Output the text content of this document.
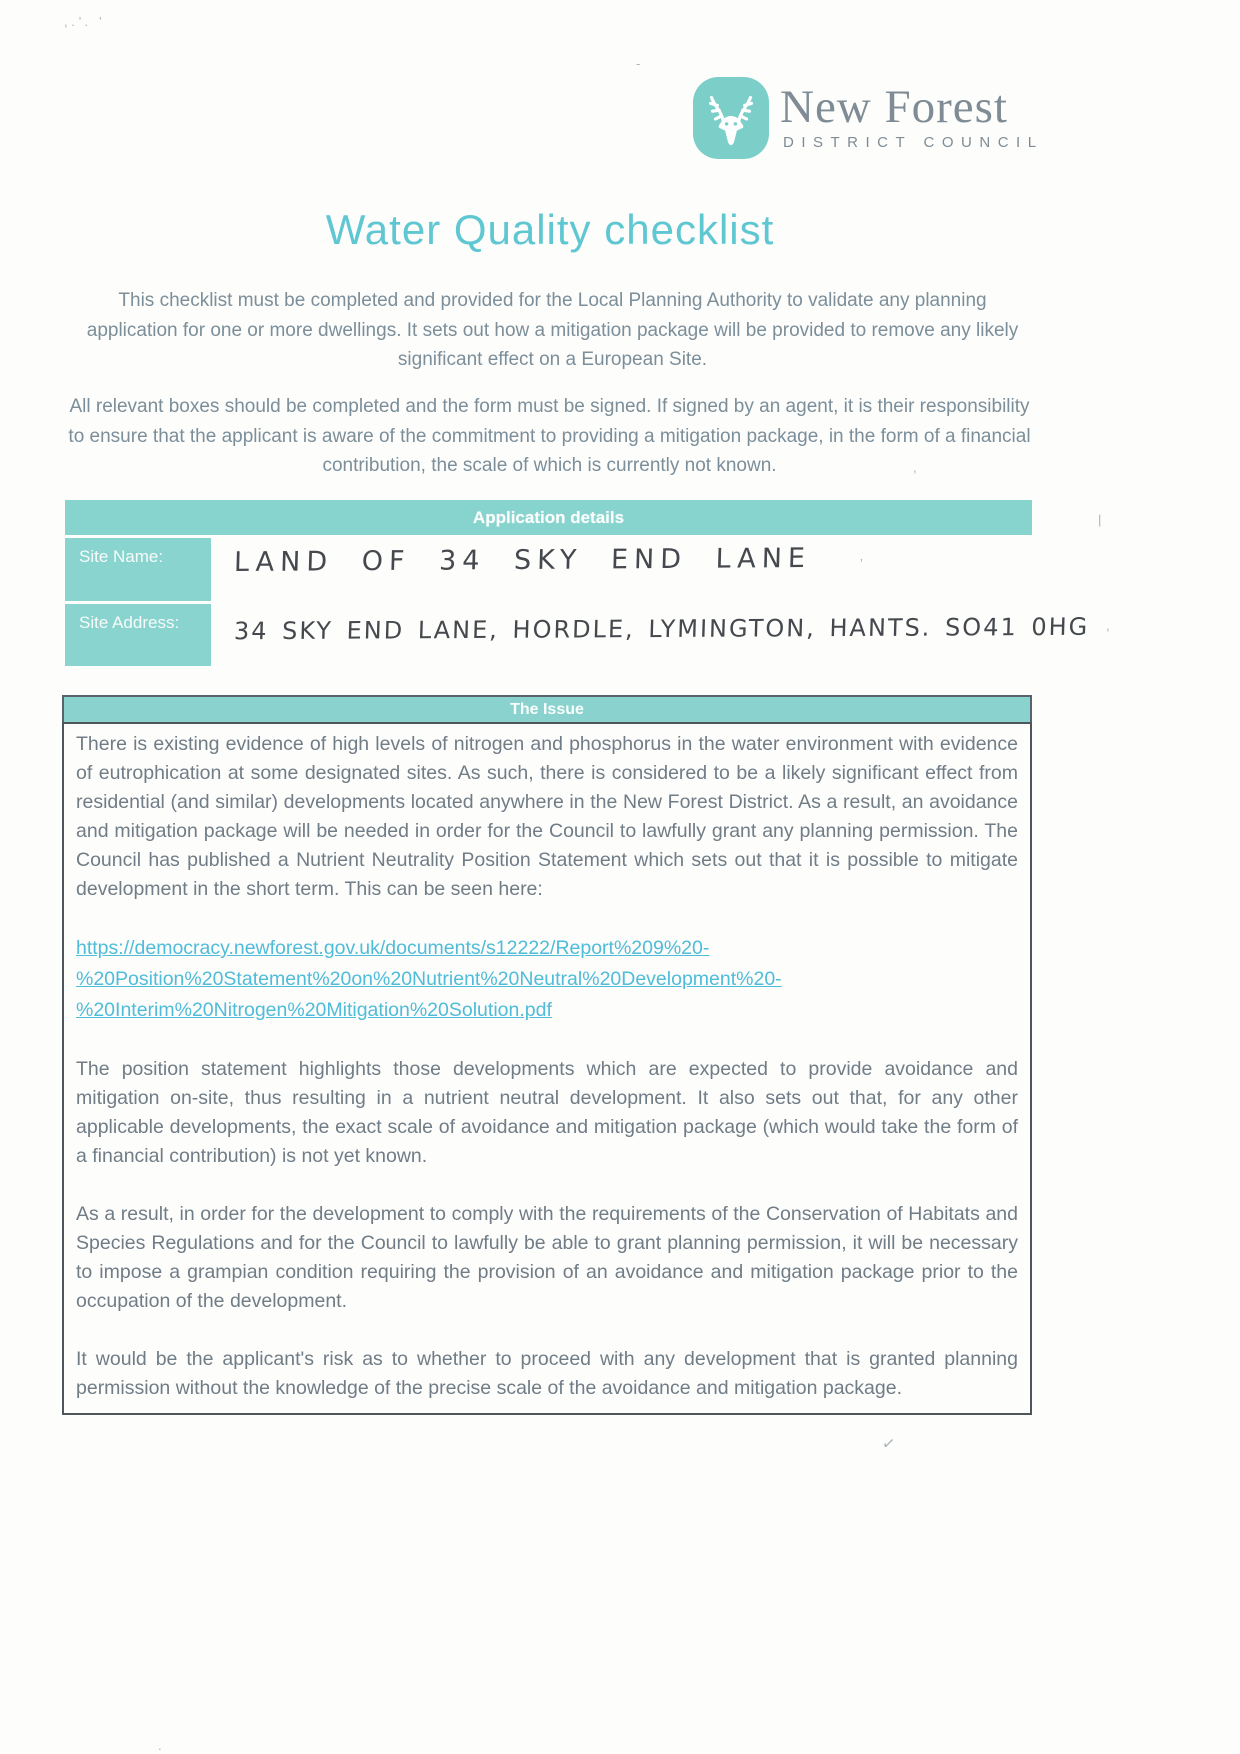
, . ’ .   ’
,
|
’
,
✓
.
-
New Forest
DISTRICT COUNCIL
Water Quality checklist
This checklist must be completed and provided for the Local Planning Authority to validate any planning application for one or more dwellings. It sets out how a mitigation package will be provided to remove any likely significant effect on a European Site.
All relevant boxes should be completed and the form must be signed. If signed by an agent, it is their responsibility to ensure that the applicant is aware of the commitment to providing a mitigation package, in the form of a financial contribution, the scale of which is currently not known.
Application details
Site Name:	LAND OF 34 SKY END LANE
Site Address:	34 SKY END LANE, HORDLE, LYMINGTON, HANTS. SO41 0HG
The Issue

There is existing evidence of high levels of nitrogen and phosphorus in the water environment with evidence of eutrophication at some designated sites. As such, there is considered to be a likely significant effect from residential (and similar) developments located anywhere in the New Forest District. As a result, an avoidance and mitigation package will be needed in order for the Council to lawfully grant any planning permission. The Council has published a Nutrient Neutrality Position Statement which sets out that it is possible to mitigate development in the short term. This can be seen here:

https://democracy.newforest.gov.uk/documents/s12222/Report%209%20-
%20Position%20Statement%20on%20Nutrient%20Neutral%20Development%20-
%20Interim%20Nitrogen%20Mitigation%20Solution.pdf

The position statement highlights those developments which are expected to provide avoidance and mitigation on-site, thus resulting in a nutrient neutral development. It also sets out that, for any other applicable developments, the exact scale of avoidance and mitigation package (which would take the form of a financial contribution) is not yet known.

As a result, in order for the development to comply with the requirements of the Conservation of Habitats and Species Regulations and for the Council to lawfully be able to grant planning permission, it will be necessary to impose a grampian condition requiring the provision of an avoidance and mitigation package prior to the occupation of the development.

It would be the applicant's risk as to whether to proceed with any development that is granted planning permission without the knowledge of the precise scale of the avoidance and mitigation package.
